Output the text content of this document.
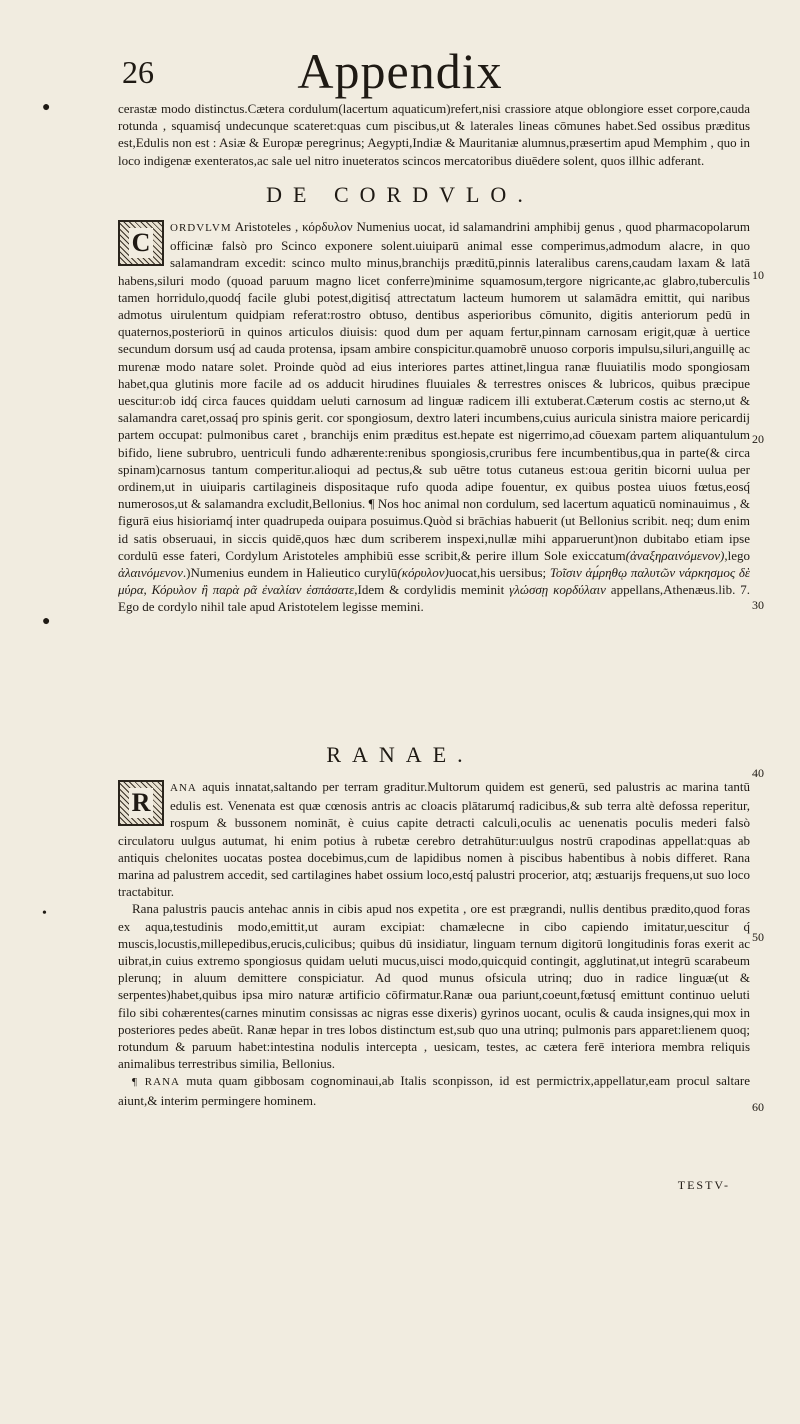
26	Appendix
●	cerastæ modo distinctus.Cætera cordulum(lacertum aquaticum)refert,nisi crassiore atque oblongiore esset corpore,cauda rotunda , squamisq́ undecunque scateret:quas cum piscibus,ut & laterales lineas cōmunes habet.Sed ossibus præditus est,Edulis non est : Asiæ & Europæ peregrinus; Aegypti,Indiæ & Mauritaniæ alumnus,præsertim apud Memphim , quo in loco indigenæ exenteratos,ac sale uel nitro inueteratos scincos mercatoribus diuēdere solent, quos illhic adferant.

DE CORDVLO.

C ORDVLVM Aristoteles , κόρδυλον Numenius uocat, id salamandrini amphibij genus , quod pharmacopolarum officinæ falsò pro Scinco exponere solent.uiuiparū animal esse comperimus,admodum alacre, in quo salamandram excedit: scinco multo minus,branchijs præditū,pinnis lateralibus carens,caudam laxam & latā habens,siluri modo (quoad paruum magno licet conferre)minime squamosum,tergore nigricante,ac glabro,tuberculis tamen horridulo,quodq́ facile glubi potest,digitisq́ attrectatum lacteum humorem ut salamādra emittit, qui naribus admotus uirulentum quidpiam referat:rostro obtuso, dentibus asperioribus cōmunito, digitis anteriorum pedū in quaternos,posteriorū in quinos articulos diuisis: quod dum per aquam fertur,pinnam carnosam erigit,quæ à uertice secundum dorsum usq́ ad cauda protensa, ipsam ambire conspicitur.quamobrē unuoso corporis impulsu,siluri,anguillę ac murenæ modo natare solet. Proinde quòd ad eius interiores partes attinet,lingua ranæ fluuiatilis modo spongiosam habet,qua glutinis more facile ad os adducit hirudines fluuiales & terrestres onisces & lubricos, quibus præcipue uescitur:ob idq́ circa fauces quiddam ueluti carnosum ad linguæ radicem illi extuberat.Cæterum costis ac sterno,ut & salamandra caret,ossaq́ pro spinis gerit. cor spongiosum, dextro lateri incumbens,cuius auricula sinistra maiore pericardij partem occupat: pulmonibus caret , branchijs enim præditus est.hepate est nigerrimo,ad cōuexam partem aliquantulum bifido, liene subrubro, uentriculi fundo adhærente:renibus spongiosis,cruribus fere incumbentibus,qua in parte(& circa spinam)carnosus tantum comperitur.alioqui ad pectus,& sub uētre totus cutaneus est:oua geritin bicorni uulua per ordinem,ut in uiuiparis cartilagineis dispositaque rufo quoda adipe fouentur, ex quibus postea uiuos fœtus,eosq́ numerosos,ut & salamandra excludit,Bellonius. ¶ Nos hoc animal non cordulum, sed lacertum aquaticū nominauimus , & figurā eius hisioriamq́ inter quadrupeda ouipara posuimus.Quòd si brāchias habuerit (ut Bellonius scribit. neq; dum enim id satis obseruaui, in siccis quidē,quos hæc dum scriberem inspexi,nullæ mihi apparuerunt)non dubitabo etiam ipse cordulū esse fateri, Cordylum Aristoteles amphibiū esse scribit,& perire illum Sole exiccatum(ἀναξηραινόμενον),lego ἀλαινόμενον.)Numenius eundem in Halieutico curylū(κόρυλον)uocat,his uersibus; Τοῖσιν ἀμ́ρηθῳ παλυτῶν νάρκησμος δὲ μύρα, Κόρυλον ἢ παρὰ ρᾶ ἐναλίαν ἐσπάσατε,Idem & cordylidis meminit γλώσσῃ κορδύλαιν appellans,Athenæus.lib. 7. Ego de cordylo nihil tale apud Aristotelem legisse memini.

RANAE.

R ANA aquis innatat,saltando per terram graditur.Multorum quidem est generū, sed palustris ac marina tantū edulis est. Venenata est quæ cœnosis antris ac cloacis plātarumq́ radicibus,& sub terra altè defossa reperitur, rospum & bussonem nomināt, è cuius capite detracti calculi,oculis ac uenenatis poculis mederi falsò circulatoru uulgus autumat, hi enim potius à rubetæ cerebro detrahūtur:uulgus nostrū crapodinas appellat:quas ab antiquis chelonites uocatas postea docebimus,cum de lapidibus nomen à piscibus habentibus à nobis differet. Rana marina ad palustrem accedit, sed cartilagines habet ossium loco,estq́ palustri procerior, atq; æstuarijs frequens,ut suo loco tractabitur.

Rana palustris paucis antehac annis in cibis apud nos expetita , ore est prægrandi, nullis dentibus prædito,quod foras ex aqua,testudinis modo,emittit,ut auram excipiat: chamælecne in cibo capiendo imitatur,uescitur q́ muscis,locustis,millepedibus,erucis,culicibus; quibus dū insidiatur, linguam ternum digitorū longitudinis foras exerit ac uibrat,in cuius extremo spongiosus quidam ueluti mucus,uisci modo,quicquid contingit, agglutinat,ut integrū scarabeum plerunq; in aluum demittere conspiciatur. Ad quod munus ofsicula utrinq; duo in radice linguæ(ut & serpentes)habet,quibus ipsa miro naturæ artificio cōfirmatur.Ranæ oua pariunt,coeunt,fœtusq́ emittunt continuo ueluti filo sibi cohærentes(carnes minutim consissas ac nigras esse dixeris) gyrinos uocant, oculis & cauda insignes,qui mox in posteriores pedes abeūt. Ranæ hepar in tres lobos distinctum est,sub quo una utrinq; pulmonis pars apparet:lienem quoq; rotundum & paruum habet:intestina nodulis intercepta , uesicam, testes, ac cætera ferē interiora membra reliquis animalibus terrestribus similia, Bellonius.

¶ RANA muta quam gibbosam cognominaui,ab Italis sconpisson, id est permictrix,appellatur,eam procul saltare aiunt,& interim permingere hominem.

●
•
10
20
30
40
50
60
TESTV-
